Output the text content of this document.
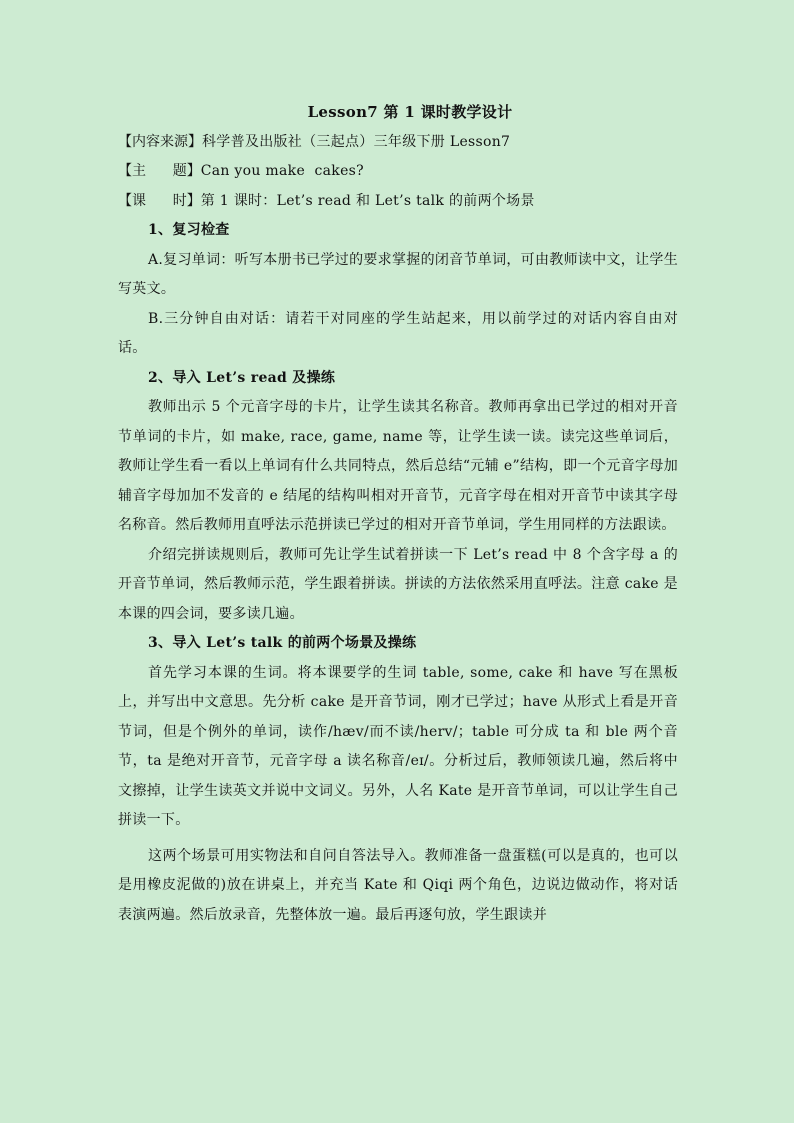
Lesson7 第 1 课时教学设计
【内容来源】科学普及出版社（三起点）三年级下册 Lesson7
【主      题】Can you make  cakes?
【课      时】第 1 课时：Let’s read 和 Let’s talk 的前两个场景
1、复习检查

A.复习单词：听写本册书已学过的要求掌握的闭音节单词，可由教师读中文，让学生写英文。

B.三分钟自由对话：请若干对同座的学生站起来，用以前学过的对话内容自由对话。

2、导入 Let’s read 及操练

教师出示 5 个元音字母的卡片，让学生读其名称音。教师再拿出已学过的相对开音节单词的卡片，如 make, race, game, name 等，让学生读一读。读完这些单词后，教师让学生看一看以上单词有什么共同特点，然后总结“元辅 e”结构，即一个元音字母加辅音字母加加不发音的 e 结尾的结构叫相对开音节，元音字母在相对开音节中读其字母名称音。然后教师用直呼法示范拼读已学过的相对开音节单词，学生用同样的方法跟读。

介绍完拼读规则后，教师可先让学生试着拼读一下 Let’s read 中 8 个含字母 a 的开音节单词，然后教师示范，学生跟着拼读。拼读的方法依然采用直呼法。注意 cake 是本课的四会词，要多读几遍。

3、导入 Let’s talk 的前两个场景及操练

首先学习本课的生词。将本课要学的生词 table, some, cake 和 have 写在黑板上，并写出中文意思。先分析 cake 是开音节词，刚才已学过；have 从形式上看是开音节词，但是个例外的单词，读作/hæv/而不读/herv/；table 可分成 ta 和 ble 两个音节，ta 是绝对开音节，元音字母 a 读名称音/eɪ/。分析过后，教师领读几遍，然后将中文擦掉，让学生读英文并说中文词义。另外，人名 Kate 是开音节单词，可以让学生自己拼读一下。

这两个场景可用实物法和自问自答法导入。教师准备一盘蛋糕(可以是真的，也可以是用橡皮泥做的)放在讲桌上，并充当 Kate 和 Qiqi 两个角色，边说边做动作，将对话表演两遍。然后放录音，先整体放一遍。最后再逐句放，学生跟读并
